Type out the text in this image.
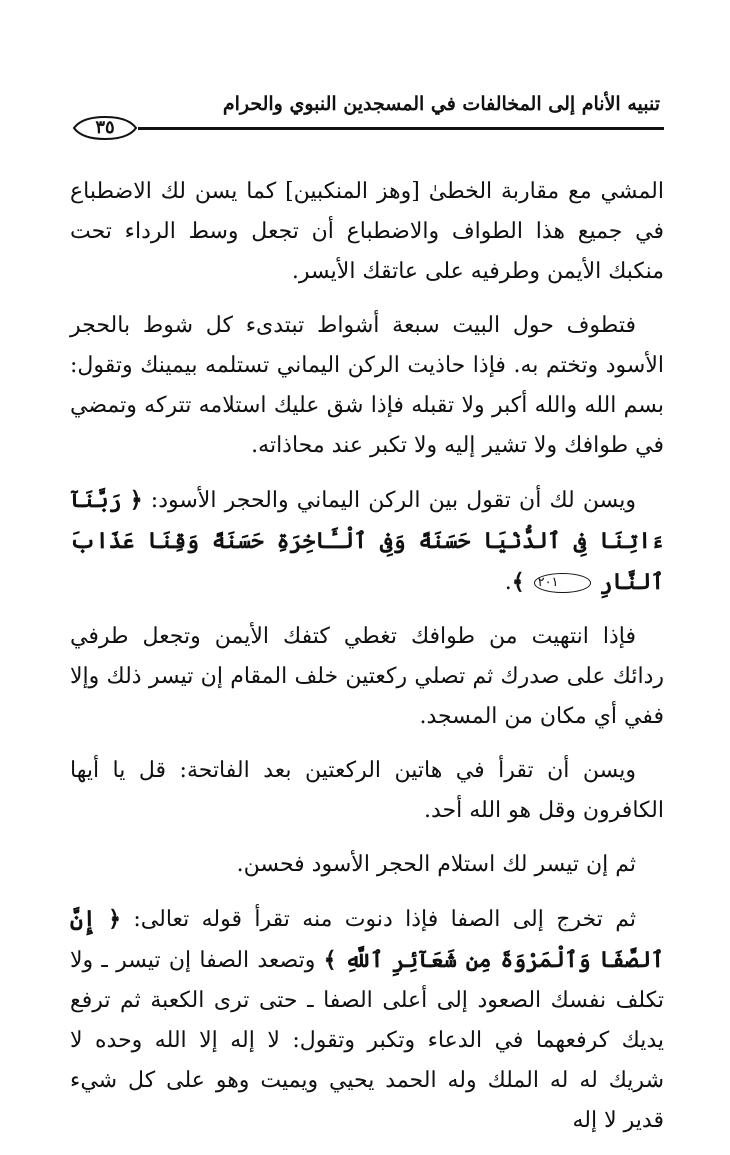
تنبيه الأنام إلى المخالفات في المسجدين النبوي والحرام
٣٥

المشي مع مقاربة الخطىٰ [وهز المنكبين] كما يسن لك الاضطباع في جميع هذا الطواف والاضطباع أن تجعل وسط الرداء تحت منكبك الأيمن وطرفيه على عاتقك الأيسر.

فتطوف حول البيت سبعة أشواط تبتدىء كل شوط بالحجر الأسود وتختم به. فإذا حاذيت الركن اليماني تستلمه بيمينك وتقول: بسم الله والله أكبر ولا تقبله فإذا شق عليك استلامه تتركه وتمضي في طوافك ولا تشير إليه ولا تكبر عند محاذاته.

ويسن لك أن تقول بين الركن اليماني والحجر الأسود: ﴿ رَبَّنَآ ءَاتِنَا فِى ٱلدُّنْيَا حَسَنَةً وَفِى ٱلْـَٔاخِرَةِ حَسَنَةً وَقِنَا عَذَابَ ٱلنَّارِ ٢٠١ ﴾.

فإذا انتهيت من طوافك تغطي كتفك الأيمن وتجعل طرفي ردائك على صدرك ثم تصلي ركعتين خلف المقام إن تيسر ذلك وإلا ففي أي مكان من المسجد.

ويسن أن تقرأ في هاتين الركعتين بعد الفاتحة: قل يا أيها الكافرون وقل هو الله أحد.

ثم إن تيسر لك استلام الحجر الأسود فحسن.

ثم تخرج إلى الصفا فإذا دنوت منه تقرأ قوله تعالى: ﴿ إِنَّ ٱلصَّفَا وَٱلْمَرْوَةَ مِن شَعَآئِرِ ٱللَّهِ ﴾ وتصعد الصفا إن تيسر ـ ولا تكلف نفسك الصعود إلى أعلى الصفا ـ حتى ترى الكعبة ثم ترفع يديك كرفعهما في الدعاء وتكبر وتقول: لا إله إلا الله وحده لا شريك له له الملك وله الحمد يحيي ويميت وهو على كل شيء قدير لا إله
